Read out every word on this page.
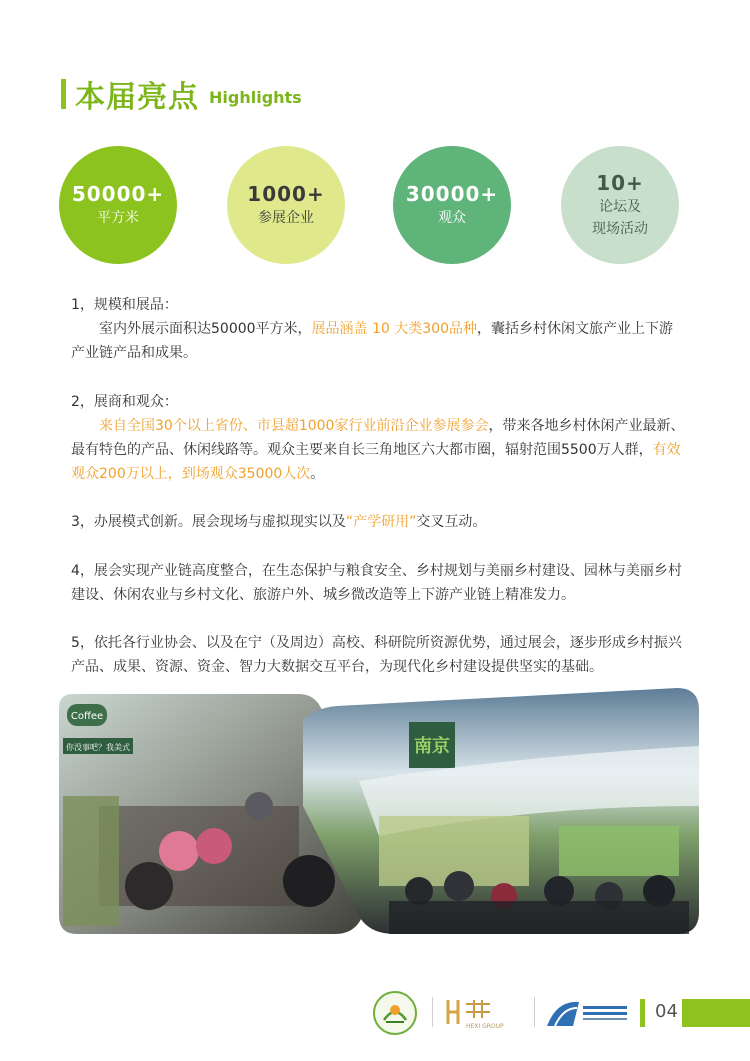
本届亮点 Highlights
50000+
平方米
1000+
参展企业
30000+
观众
10+
论坛及
现场活动

1，规模和展品：
室内外展示面积达50000平方米，展品涵盖 10 大类300品种，囊括乡村休闲文旅产业上下游产业链产品和成果。

2，展商和观众：
来自全国30个以上省份、市县超1000家行业前沿企业参展参会，带来各地乡村休闲产业最新、最有特色的产品、休闲线路等。观众主要来自长三角地区六大都市圈，辐射范围5500万人群，有效观众200万以上，到场观众35000人次。

3，办展模式创新。展会现场与虚拟现实以及“产学研用”交叉互动。

4，展会实现产业链高度整合，在生态保护与粮食安全、乡村规划与美丽乡村建设、园林与美丽乡村建设、休闲农业与乡村文化、旅游户外、城乡微改造等上下游产业链上精准发力。

5，依托各行业协会、以及在宁（及周边）高校、科研院所资源优势，通过展会，逐步形成乡村振兴产品、成果、资源、资金、智力大数据交互平台，为现代化乡村建设提供坚实的基础。

Coffee
你没事吧？我美式	南京
HEXI GROUP
04
